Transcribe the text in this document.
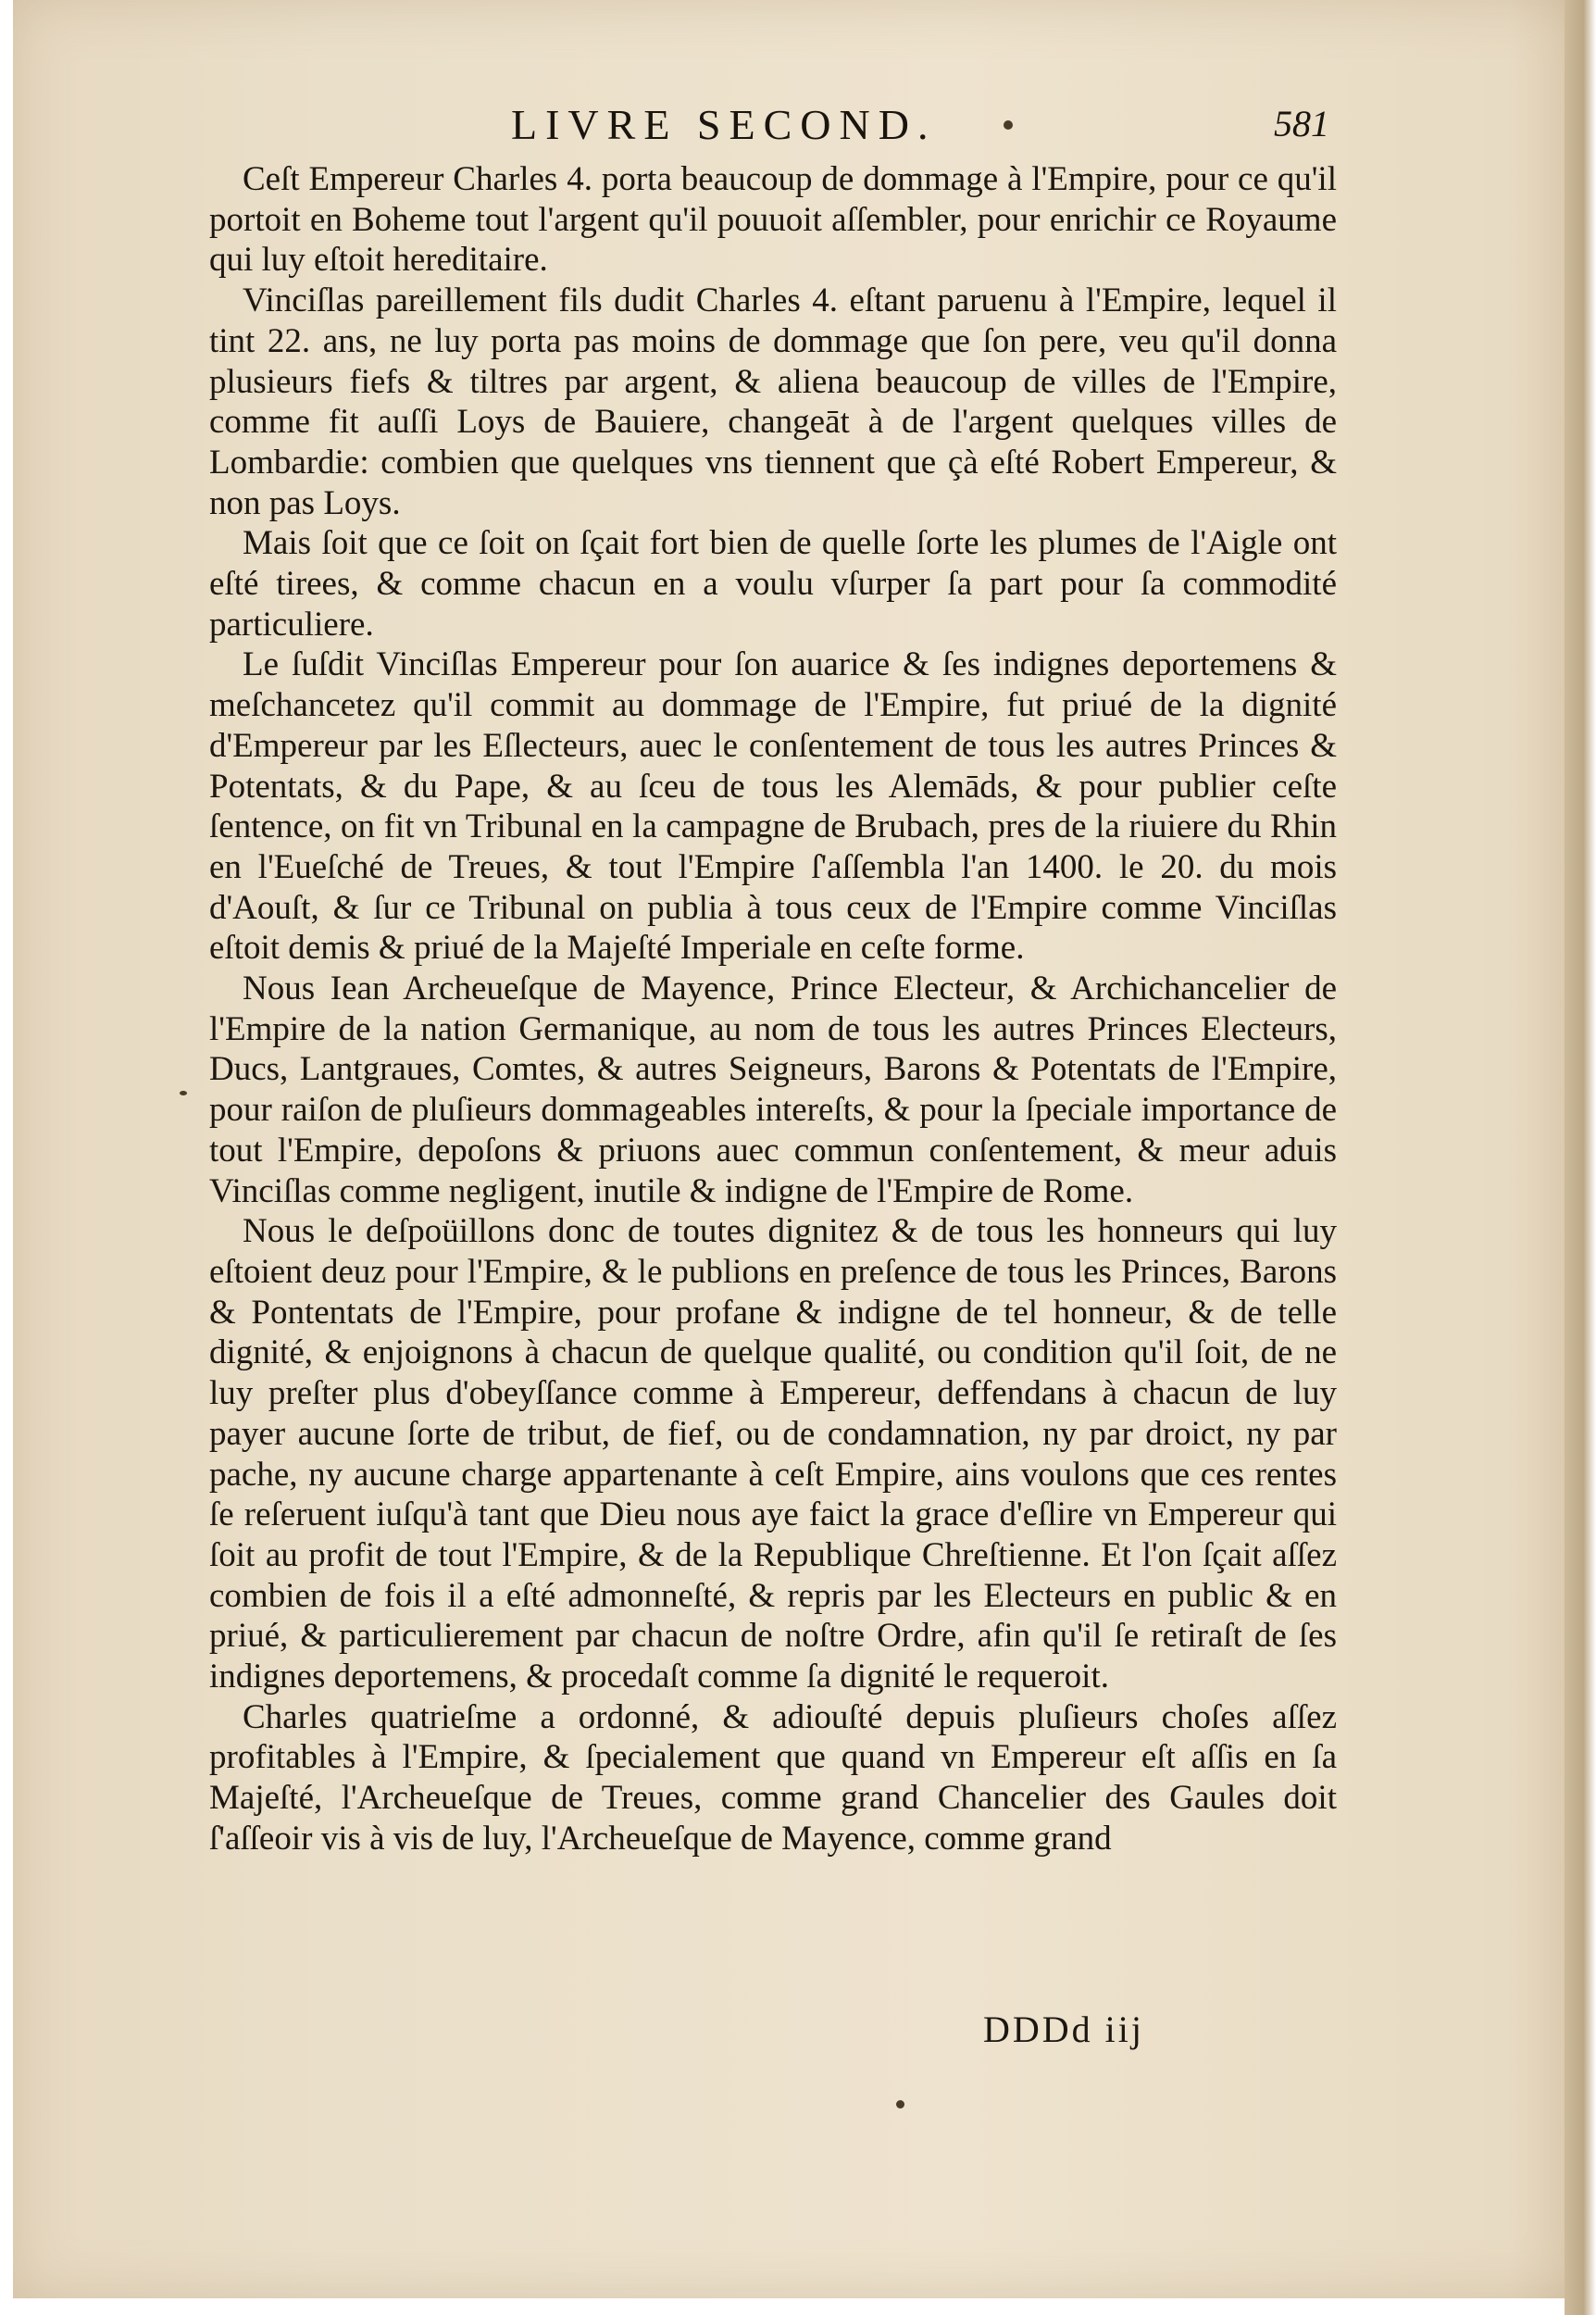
LIVRE SECOND.	581

Ceſt Empereur Charles 4. porta beaucoup de dommage à l'Empire, pour ce qu'il portoit en Boheme tout l'argent qu'il pouuoit aſſembler, pour enrichir ce Royaume qui luy eſtoit hereditaire.

Vinciſlas pareillement fils dudit Charles 4. eſtant paruenu à l'Empire, lequel il tint 22. ans, ne luy porta pas moins de dommage que ſon pere, veu qu'il donna plusieurs fiefs & tiltres par argent, & aliena beaucoup de villes de l'Empire, comme fit auſſi Loys de Bauiere, changeāt à de l'argent quelques villes de Lombardie: combien que quelques vns tiennent que çà eſté Robert Empereur, & non pas Loys.

Mais ſoit que ce ſoit on ſçait fort bien de quelle ſorte les plumes de l'Aigle ont eſté tirees, & comme chacun en a voulu vſurper ſa part pour ſa commodité particuliere.

Le ſuſdit Vinciſlas Empereur pour ſon auarice & ſes indignes deportemens & meſchancetez qu'il commit au dommage de l'Empire, fut priué de la dignité d'Empereur par les Eſlecteurs, auec le conſentement de tous les autres Princes & Potentats, & du Pape, & au ſceu de tous les Alemāds, & pour publier ceſte ſentence, on fit vn Tribunal en la campagne de Brubach, pres de la riuiere du Rhin en l'Eueſché de Treues, & tout l'Empire ſ'aſſembla l'an 1400. le 20. du mois d'Aouſt, & ſur ce Tribunal on publia à tous ceux de l'Empire comme Vinciſlas eſtoit demis & priué de la Majeſté Imperiale en ceſte forme.

Nous Iean Archeueſque de Mayence, Prince Electeur, & Archichancelier de l'Empire de la nation Germanique, au nom de tous les autres Princes Electeurs, Ducs, Lantgraues, Comtes, & autres Seigneurs, Barons & Potentats de l'Empire, pour raiſon de pluſieurs dommageables intereſts, & pour la ſpeciale importance de tout l'Empire, depoſons & priuons auec commun conſentement, & meur aduis Vinciſlas comme negligent, inutile & indigne de l'Empire de Rome.

Nous le deſpoüillons donc de toutes dignitez & de tous les honneurs qui luy eſtoient deuz pour l'Empire, & le publions en preſence de tous les Princes, Barons & Pontentats de l'Empire, pour profane & indigne de tel honneur, & de telle dignité, & enjoignons à chacun de quelque qualité, ou condition qu'il ſoit, de ne luy preſter plus d'obeyſſance comme à Empereur, deffendans à chacun de luy payer aucune ſorte de tribut, de fief, ou de condamnation, ny par droict, ny par pache, ny aucune charge appartenante à ceſt Empire, ains voulons que ces rentes ſe reſeruent iuſqu'à tant que Dieu nous aye faict la grace d'eſlire vn Empereur qui ſoit au profit de tout l'Empire, & de la Republique Chreſtienne. Et l'on ſçait aſſez combien de fois il a eſté admonneſté, & repris par les Electeurs en public & en priué, & particulierement par chacun de noſtre Ordre, afin qu'il ſe retiraſt de ſes indignes deportemens, & procedaſt comme ſa dignité le requeroit.

Charles quatrieſme a ordonné, & adiouſté depuis pluſieurs choſes aſſez profitables à l'Empire, & ſpecialement que quand vn Empereur eſt aſſis en ſa Majeſté, l'Archeueſque de Treues, comme grand Chancelier des Gaules doit ſ'aſſeoir vis à vis de luy, l'Archeueſque de Mayence, comme grand

DDDd iij
